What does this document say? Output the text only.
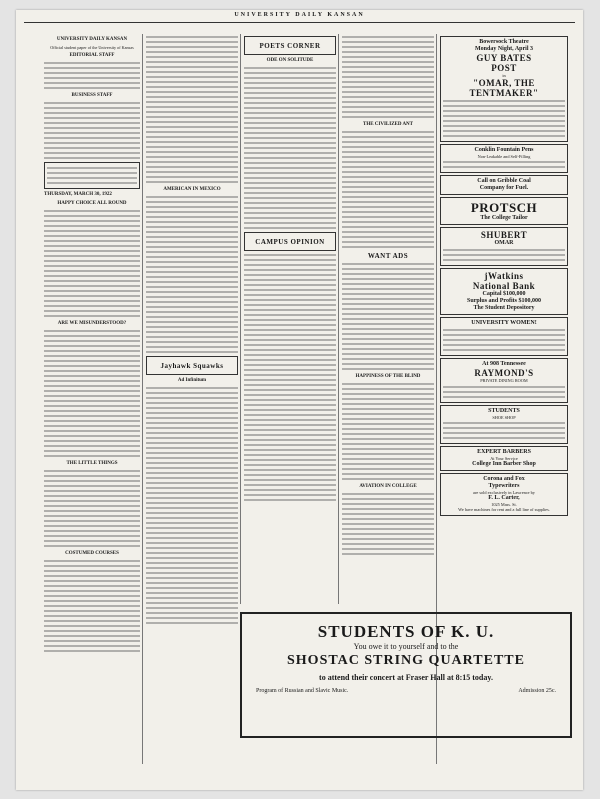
UNIVERSITY DAILY KANSAN
UNIVERSITY DAILY KANSAN
Official student paper of the University of Kansas
EDITORIAL STAFF
BUSINESS STAFF
THURSDAY, MARCH 30, 1922
HAPPY CHOICE ALL ROUND
ARE WE MISUNDERSTOOD?
THE LITTLE THINGS
COSTUMED COURSES
AMERICAN IN MEXICO
Jayhawk Squawks
Ad Infinitum
POETS CORNER
ODE ON SOLITUDE
CAMPUS OPINION
THE CIVILIZED ANT
WANT ADS
HAPPINESS OF THE BLIND
AVIATION IN COLLEGE
Bowersock Theatre
Monday Night, April 3
GUY BATES
POST
in
"OMAR, THE
TENTMAKER"
Conklin Fountain Pens
Non-Leakable and Self-Filling
Call on Gribble Coal
Company for Fuel.
PROTSCH
The College Tailor
SHUBERT
OMAR
jWatkins
National Bank
Capital $100,000
Surplus and Profits $100,000
The Student Depository
UNIVERSITY WOMEN!
At 908 Tennessee
RAYMOND'S
PRIVATE DINING ROOM
STUDENTS
SHOE SHOP
EXPERT BARBERS
At Your Service
College Inn Barber Shop
Corona and Fox
Typewriters
are sold exclusively in Lawrence by
F. L. Carter,
1025 Mass. St.
We have machines for rent and a full line of supplies.
STUDENTS OF K. U.
You owe it to yourself and to the
SHOSTAC STRING QUARTETTE
to attend their concert at Fraser Hall at 8:15 today.
Program of Russian and Slavic Music.	Admission 25c.
